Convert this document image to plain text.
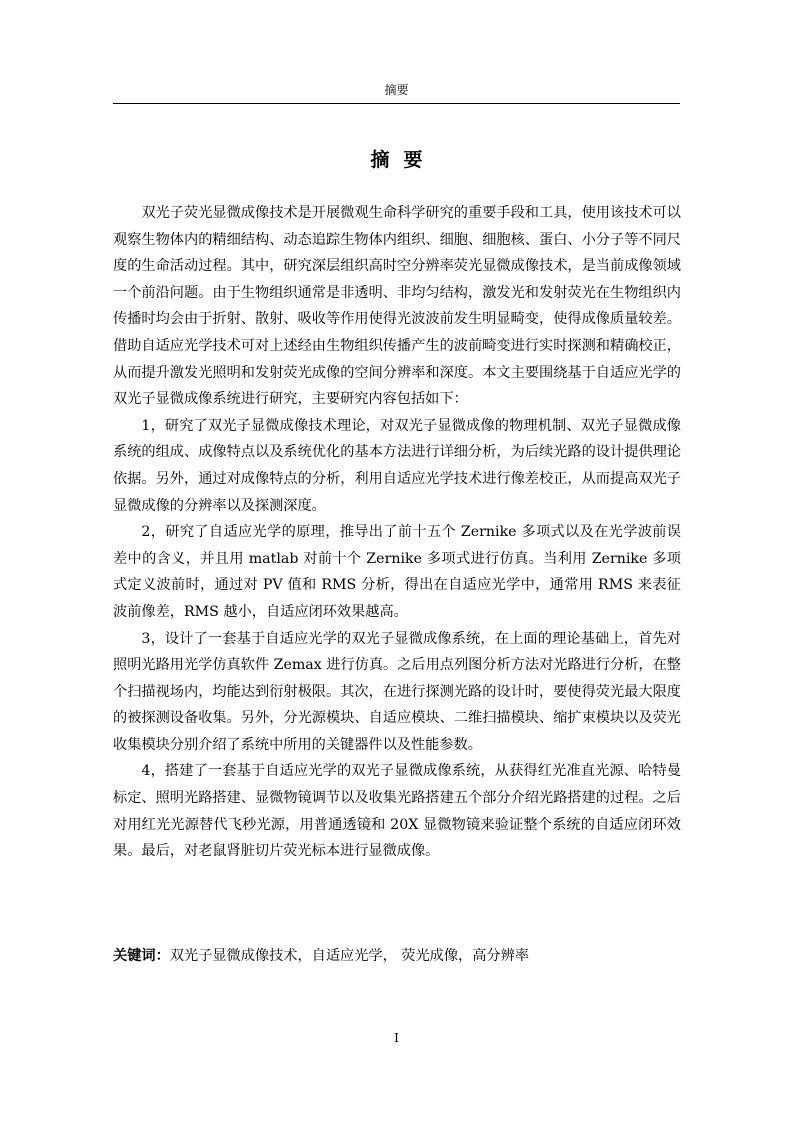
摘要
摘要

双光子荧光显微成像技术是开展微观生命科学研究的重要手段和工具，使用该技术可以观察生物体内的精细结构、动态追踪生物体内组织、细胞、细胞核、蛋白、小分子等不同尺度的生命活动过程。其中，研究深层组织高时空分辨率荧光显微成像技术，是当前成像领域一个前沿问题。由于生物组织通常是非透明、非均匀结构，激发光和发射荧光在生物组织内传播时均会由于折射、散射、吸收等作用使得光波波前发生明显畸变，使得成像质量较差。借助自适应光学技术可对上述经由生物组织传播产生的波前畸变进行实时探测和精确校正，从而提升激发光照明和发射荧光成像的空间分辨率和深度。本文主要围绕基于自适应光学的双光子显微成像系统进行研究，主要研究内容包括如下：

1，研究了双光子显微成像技术理论，对双光子显微成像的物理机制、双光子显微成像系统的组成、成像特点以及系统优化的基本方法进行详细分析，为后续光路的设计提供理论依据。另外，通过对成像特点的分析，利用自适应光学技术进行像差校正，从而提高双光子显微成像的分辨率以及探测深度。

2，研究了自适应光学的原理，推导出了前十五个 Zernike 多项式以及在光学波前误差中的含义，并且用 matlab 对前十个 Zernike 多项式进行仿真。当利用 Zernike 多项式定义波前时，通过对 PV 值和 RMS 分析，得出在自适应光学中，通常用 RMS 来表征波前像差，RMS 越小，自适应闭环效果越高。

3，设计了一套基于自适应光学的双光子显微成像系统，在上面的理论基础上，首先对照明光路用光学仿真软件 Zemax 进行仿真。之后用点列图分析方法对光路进行分析，在整个扫描视场内，均能达到衍射极限。其次，在进行探测光路的设计时，要使得荧光最大限度的被探测设备收集。另外，分光源模块、自适应模块、二维扫描模块、缩扩束模块以及荧光收集模块分别介绍了系统中所用的关键器件以及性能参数。

4，搭建了一套基于自适应光学的双光子显微成像系统，从获得红光准直光源、哈特曼标定、照明光路搭建、显微物镜调节以及收集光路搭建五个部分介绍光路搭建的过程。之后对用红光光源替代飞秒光源，用普通透镜和 20X 显微物镜来验证整个系统的自适应闭环效果。最后，对老鼠肾脏切片荧光标本进行显微成像。

关键词：双光子显微成像技术，自适应光学， 荧光成像，高分辨率
I
